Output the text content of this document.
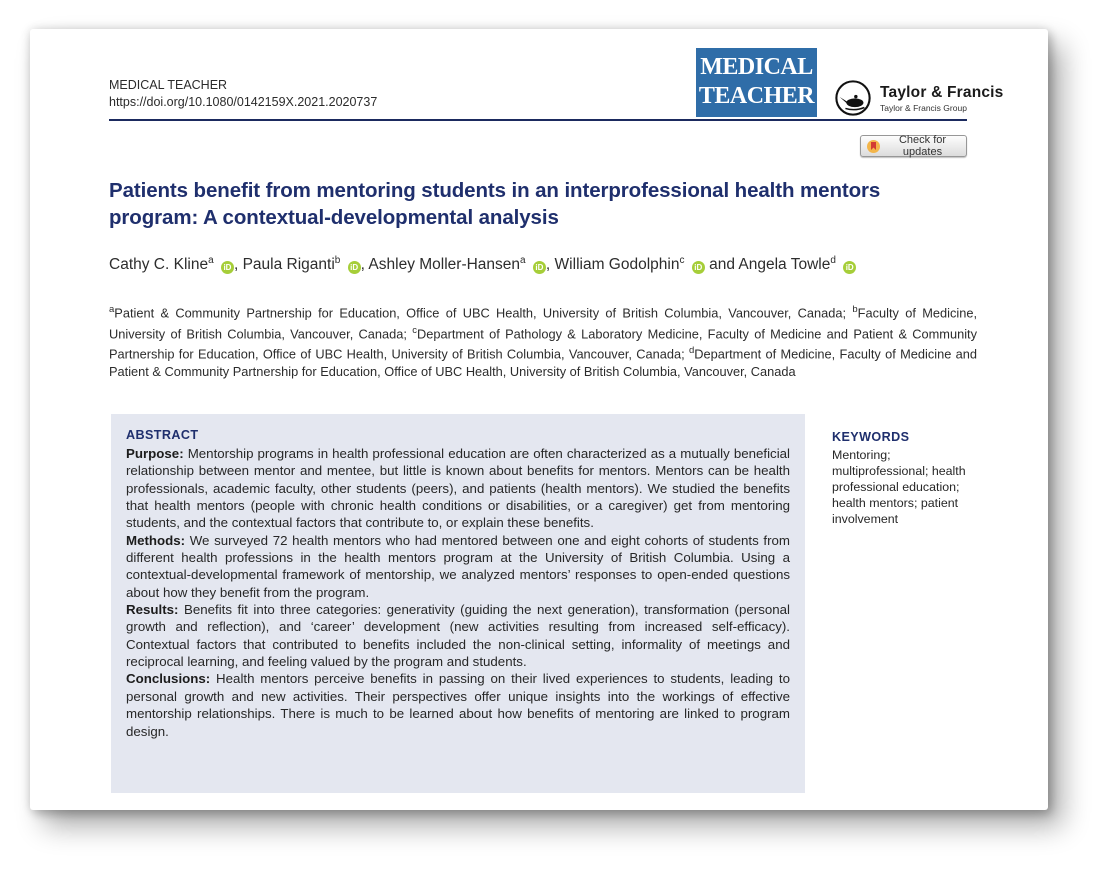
MEDICAL TEACHER
https://doi.org/10.1080/0142159X.2021.2020737
MEDICAL
TEACHER	Taylor & Francis
Taylor & Francis Group
Check for updates
Patients benefit from mentoring students in an interprofessional health mentors program: A contextual-developmental analysis
Cathy C. Kline$^a$ iD , Paula Riganti$^b$ iD , Ashley Moller-Hansen$^a$ iD , William Godolphin$^c$ iD and Angela Towle$^d$ iD
$^a$Patient & Community Partnership for Education, Office of UBC Health, University of British Columbia, Vancouver, Canada; $^b$Faculty of Medicine, University of British Columbia, Vancouver, Canada; $^c$Department of Pathology & Laboratory Medicine, Faculty of Medicine and Patient & Community Partnership for Education, Office of UBC Health, University of British Columbia, Vancouver, Canada; $^d$Department of Medicine, Faculty of Medicine and Patient & Community Partnership for Education, Office of UBC Health, University of British Columbia, Vancouver, Canada
ABSTRACT

Purpose: Mentorship programs in health professional education are often characterized as a mutually beneficial relationship between mentor and mentee, but little is known about benefits for mentors. Mentors can be health professionals, academic faculty, other students (peers), and patients (health mentors). We studied the benefits that health mentors (people with chronic health conditions or disabilities, or a caregiver) get from mentoring students, and the contextual factors that contribute to, or explain these benefits.

Methods: We surveyed 72 health mentors who had mentored between one and eight cohorts of students from different health professions in the health mentors program at the University of British Columbia. Using a contextual-developmental framework of mentorship, we analyzed mentors’ responses to open-ended questions about how they benefit from the program.

Results: Benefits fit into three categories: generativity (guiding the next generation), transformation (personal growth and reflection), and ‘career’ development (new activities resulting from increased self-efficacy). Contextual factors that contributed to benefits included the non-clinical setting, informality of meetings and reciprocal learning, and feeling valued by the program and students.

Conclusions: Health mentors perceive benefits in passing on their lived experiences to students, leading to personal growth and new activities. Their perspectives offer unique insights into the workings of effective mentorship relationships. There is much to be learned about how benefits of mentoring are linked to program design.

KEYWORDS
Mentoring; multiprofessional; health professional education; health mentors; patient involvement
